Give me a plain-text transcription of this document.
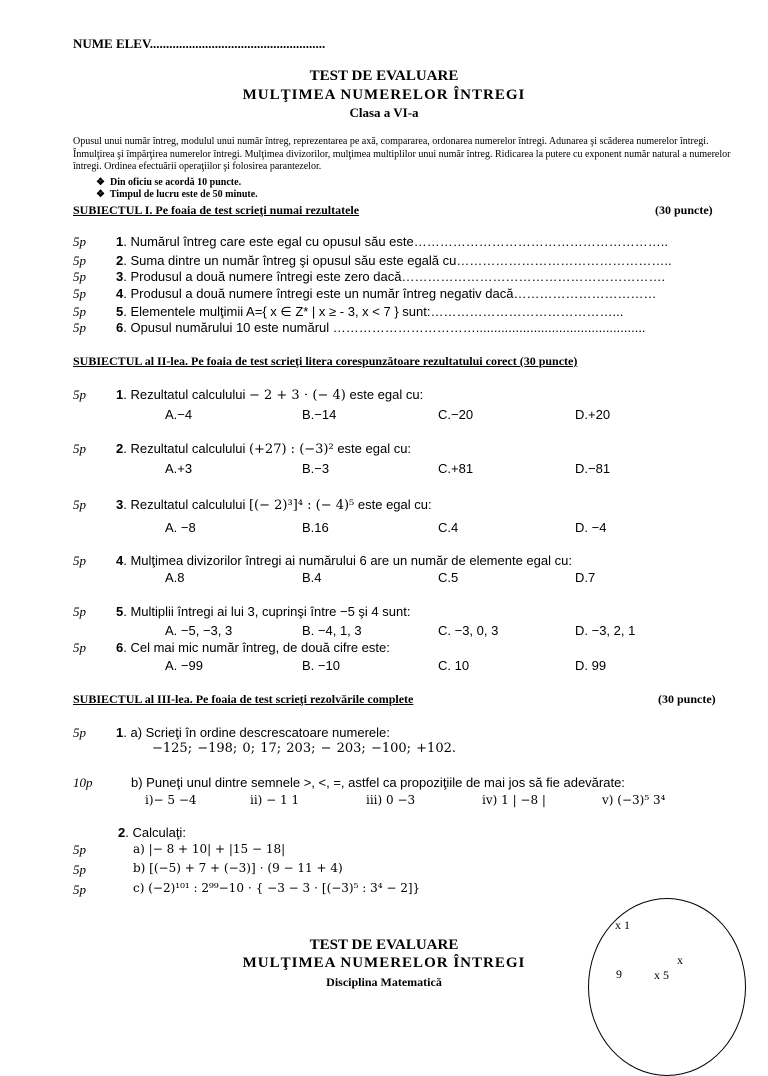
NUME ELEV......................................................
TEST DE EVALUARE
MULŢIMEA NUMERELOR ÎNTREGI
Clasa a VI-a
Opusul unui număr întreg, modulul unui număr întreg, reprezentarea pe axă, compararea, ordonarea numerelor întregi. Adunarea şi scăderea numerelor întregi. Înmulţirea şi împărţirea numerelor întregi. Mulţimea divizorilor, mulţimea multiplilor unui număr întreg. Ridicarea la putere cu exponent număr natural a numerelor întregi. Ordinea efectuării operaţiilor şi folosirea parantezelor.
❖  Din oficiu se acordă 10 puncte.
❖  Timpul de lucru este de 50 minute.
SUBIECTUL I. Pe foaia de test scrieţi numai rezultatele	(30 puncte)
5p 1. Numărul întreg care este egal cu opusul său este…………………………………………………..
5p 2. Suma dintre un număr întreg şi opusul său este egală cu…………………………………………..
5p 3. Produsul a două numere întregi este zero dacă…………………………………………………….
5p 4. Produsul a două numere întregi este un număr întreg negativ dacă……………………………
5p 5. Elementele mulţimii A={ x ∈ Z* | x ≥ - 3, x < 7 } sunt:……………………………………...
5p 6. Opusul numărului 10 este numărul ……………………………...............................................
SUBIECTUL al II-lea. Pe foaia de test scrieţi litera corespunzătoare rezultatului corect (30 puncte)
5p 1. Rezultatul calculului − 2 + 3 ⋅ (− 4) este egal cu:
A.−4	B.−14	C.−20	D.+20
5p 2. Rezultatul calculului (+27) : (−3)² este egal cu:
A.+3	B.−3	C.+81	D.−81
5p 3. Rezultatul calculului [(− 2)³]⁴ : (− 4)⁵ este egal cu:
A. −8	B.16	C.4	D. −4
5p 4. Mulţimea divizorilor întregi ai numărului 6 are un număr de elemente egal cu:
A.8	B.4	C.5	D.7
5p 5. Multiplii întregi ai lui 3, cuprinşi între −5 şi 4 sunt:
A. −5, −3, 3	B. −4, 1, 3	C. −3, 0, 3	D. −3, 2, 1
5p 6. Cel mai mic număr întreg, de două cifre este:
A. −99	B. −10	C. 10	D. 99
SUBIECTUL al III-lea. Pe foaia de test scrieţi rezolvările complete	(30 puncte)
5p 1. a) Scrieţi în ordine descrescatoare numerele:
−125; −198; 0; 17; 203; − 203; −100; +102.
10p	b) Puneţi unul dintre semnele >, <, =, astfel ca propoziţiile de mai jos să fie adevărate:
i)− 5 −4	ii) − 1 1	iii) 0 −3	iv) 1 | −8 |	v) (−3)⁵ 3⁴
2. Calculaţi:
5p	a) |− 8 + 10| + |15 − 18|
5p	b) [(−5) + 7 + (−3)] ⋅ (9 − 11 + 4)
5p	c) (−2)¹⁰¹ : 2⁹⁹−10 ⋅ { −3 − 3 ⋅ [(−3)⁵ : 3⁴ − 2]}
TEST DE EVALUARE
MULŢIMEA NUMERELOR ÎNTREGI
Disciplina Matematică
x 1
x
9	x 5
